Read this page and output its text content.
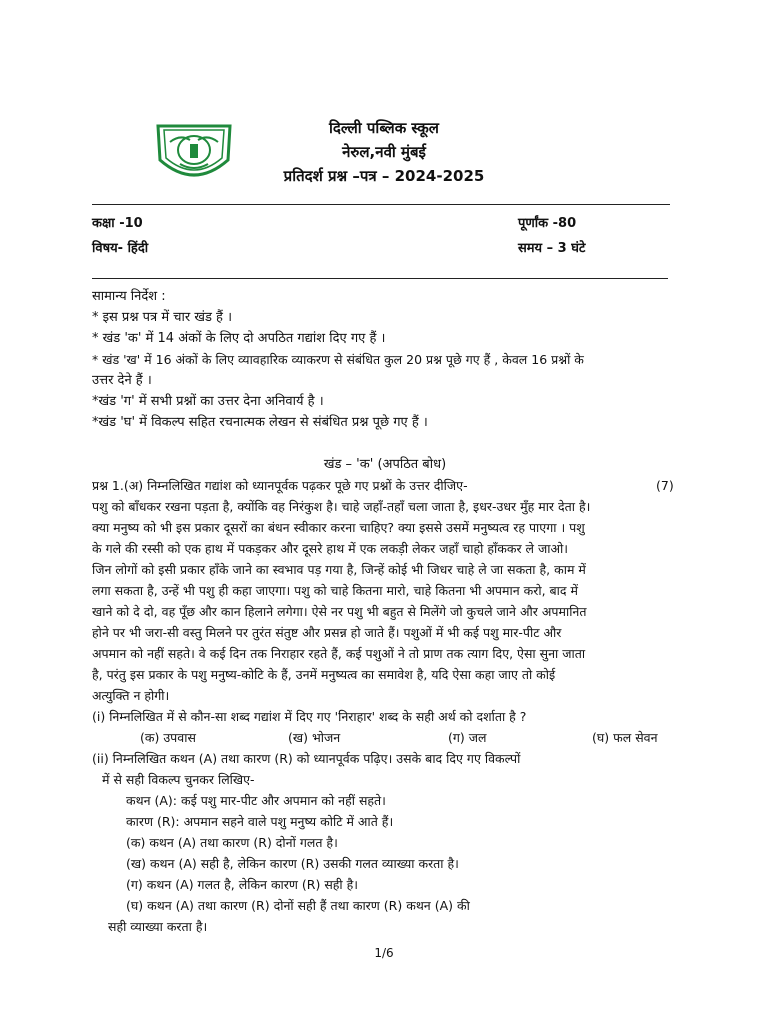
दिल्ली पब्लिक स्कूल
नेरुल,नवी मुंबई
प्रतिदर्श प्रश्न –पत्र – 2024-2025
कक्षा -10	पूर्णांक -80
विषय- हिंदी	समय – 3 घंटे
सामान्य निर्देश :
* इस प्रश्न पत्र में चार खंड हैं ।
* खंड 'क' में 14 अंकों के लिए दो अपठित गद्यांश दिए गए हैं ।
* खंड 'ख' में 16 अंकों के लिए व्यावहारिक व्याकरण से संबंधित कुल 20 प्रश्न पूछे गए हैं , केवल 16 प्रश्नों के
उत्तर देने हैं ।
*खंड 'ग' में सभी प्रश्नों का उत्तर देना अनिवार्य है ।
*खंड 'घ' में विकल्प सहित रचनात्मक लेखन से संबंधित प्रश्न पूछे गए हैं ।
खंड – 'क' (अपठित बोध)
प्रश्न 1.(अ) निम्नलिखित गद्यांश को ध्यानपूर्वक पढ़कर पूछे गए प्रश्नों के उत्तर दीजिए-	(7)
पशु को बाँधकर रखना पड़ता है, क्योंकि वह निरंकुश है। चाहे जहाँ-तहाँ चला जाता है, इधर-उधर मुँह मार देता है।
क्या मनुष्य को भी इस प्रकार दूसरों का बंधन स्वीकार करना चाहिए? क्या इससे उसमें मनुष्यत्व रह पाएगा । पशु
के गले की रस्सी को एक हाथ में पकड़कर और दूसरे हाथ में एक लकड़ी लेकर जहाँ चाहो हाँककर ले जाओ।
जिन लोगों को इसी प्रकार हाँके जाने का स्वभाव पड़ गया है, जिन्हें कोई भी जिधर चाहे ले जा सकता है, काम में
लगा सकता है, उन्हें भी पशु ही कहा जाएगा। पशु को चाहे कितना मारो, चाहे कितना भी अपमान करो, बाद में
खाने को दे दो, वह पूँछ और कान हिलाने लगेगा। ऐसे नर पशु भी बहुत से मिलेंगे जो कुचले जाने और अपमानित
होने पर भी जरा-सी वस्तु मिलने पर तुरंत संतुष्ट और प्रसन्न हो जाते हैं। पशुओं में भी कई पशु मार-पीट और
अपमान को नहीं सहते। वे कई दिन तक निराहार रहते हैं, कई पशुओं ने तो प्राण तक त्याग दिए, ऐसा सुना जाता
है, परंतु इस प्रकार के पशु मनुष्य-कोटि के हैं, उनमें मनुष्यत्व का समावेश है, यदि ऐसा कहा जाए तो कोई
अत्युक्ति न होगी।
(i) निम्नलिखित में से कौन-सा शब्द गद्यांश में दिए गए 'निराहार' शब्द के सही अर्थ को दर्शाता है ?
(क) उपवास	(ख) भोजन	(ग) जल	(घ) फल सेवन
(ii) निम्नलिखित कथन (A) तथा कारण (R) को ध्यानपूर्वक पढ़िए। उसके बाद दिए गए विकल्पों
में से सही विकल्प चुनकर लिखिए-
कथन (A): कई पशु मार-पीट और अपमान को नहीं सहते।
कारण (R): अपमान सहने वाले पशु मनुष्य कोटि में आते हैं।
(क) कथन (A) तथा कारण (R) दोनों गलत है।
(ख) कथन (A) सही है, लेकिन कारण (R) उसकी गलत व्याख्या करता है।
(ग) कथन (A) गलत है, लेकिन कारण (R) सही है।
(घ) कथन (A) तथा कारण (R) दोनों सही हैं तथा कारण (R) कथन (A) की
सही व्याख्या करता है।
1/6
